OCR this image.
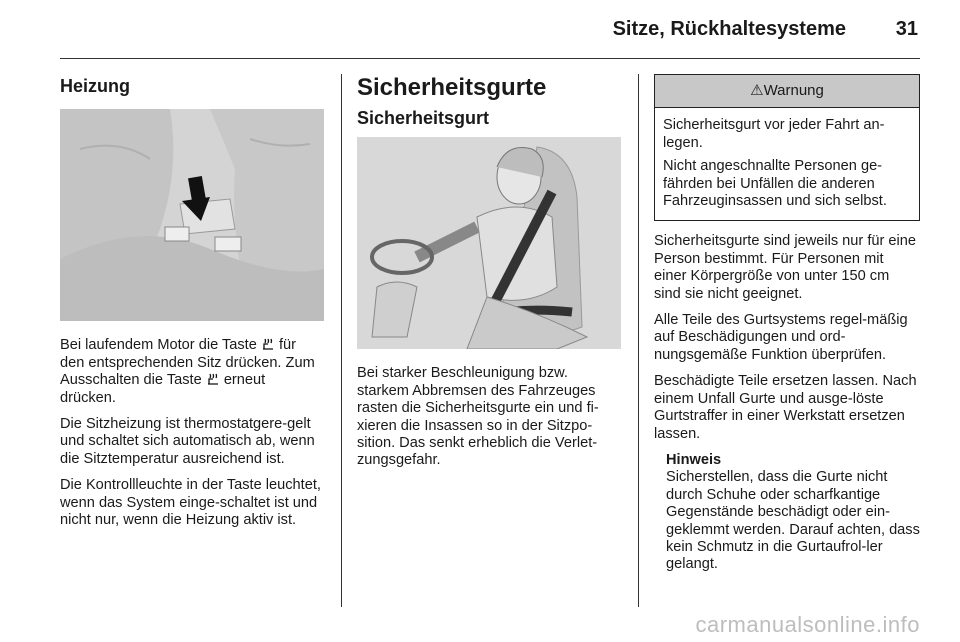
Sitze, Rückhaltesysteme 31
Heizung

Bei laufendem Motor die Taste  für den entsprechenden Sitz drücken. Zum Ausschalten die Taste  erneut drücken.

Die Sitzheizung ist thermostatgere-gelt und schaltet sich automatisch ab, wenn die Sitztemperatur ausreichend ist.

Die Kontrollleuchte in der Taste leuchtet, wenn das System einge-schaltet ist und nicht nur, wenn die Heizung aktiv ist.

Sicherheitsgurte
Sicherheitsgurt

Bei starker Beschleunigung bzw. starkem Abbremsen des Fahrzeuges rasten die Sicherheitsgurte ein und fi-xieren die Insassen so in der Sitzpo-sition. Das senkt erheblich die Verlet-zungsgefahr.

⚠Warnung

Sicherheitsgurt vor jeder Fahrt an-legen.

Nicht angeschnallte Personen ge-fährden bei Unfällen die anderen Fahrzeuginsassen und sich selbst.

Sicherheitsgurte sind jeweils nur für eine Person bestimmt. Für Personen mit einer Körpergröße von unter 150 cm sind sie nicht geeignet.

Alle Teile des Gurtsystems regel-mäßig auf Beschädigungen und ord-nungsgemäße Funktion überprüfen.

Beschädigte Teile ersetzen lassen. Nach einem Unfall Gurte und ausge-löste Gurtstraffer in einer Werkstatt ersetzen lassen.

Hinweis
Sicherstellen, dass die Gurte nicht durch Schuhe oder scharfkantige Gegenstände beschädigt oder ein-geklemmt werden. Darauf achten, dass kein Schmutz in die Gurtaufrol-ler gelangt.
carmanualsonline.info
